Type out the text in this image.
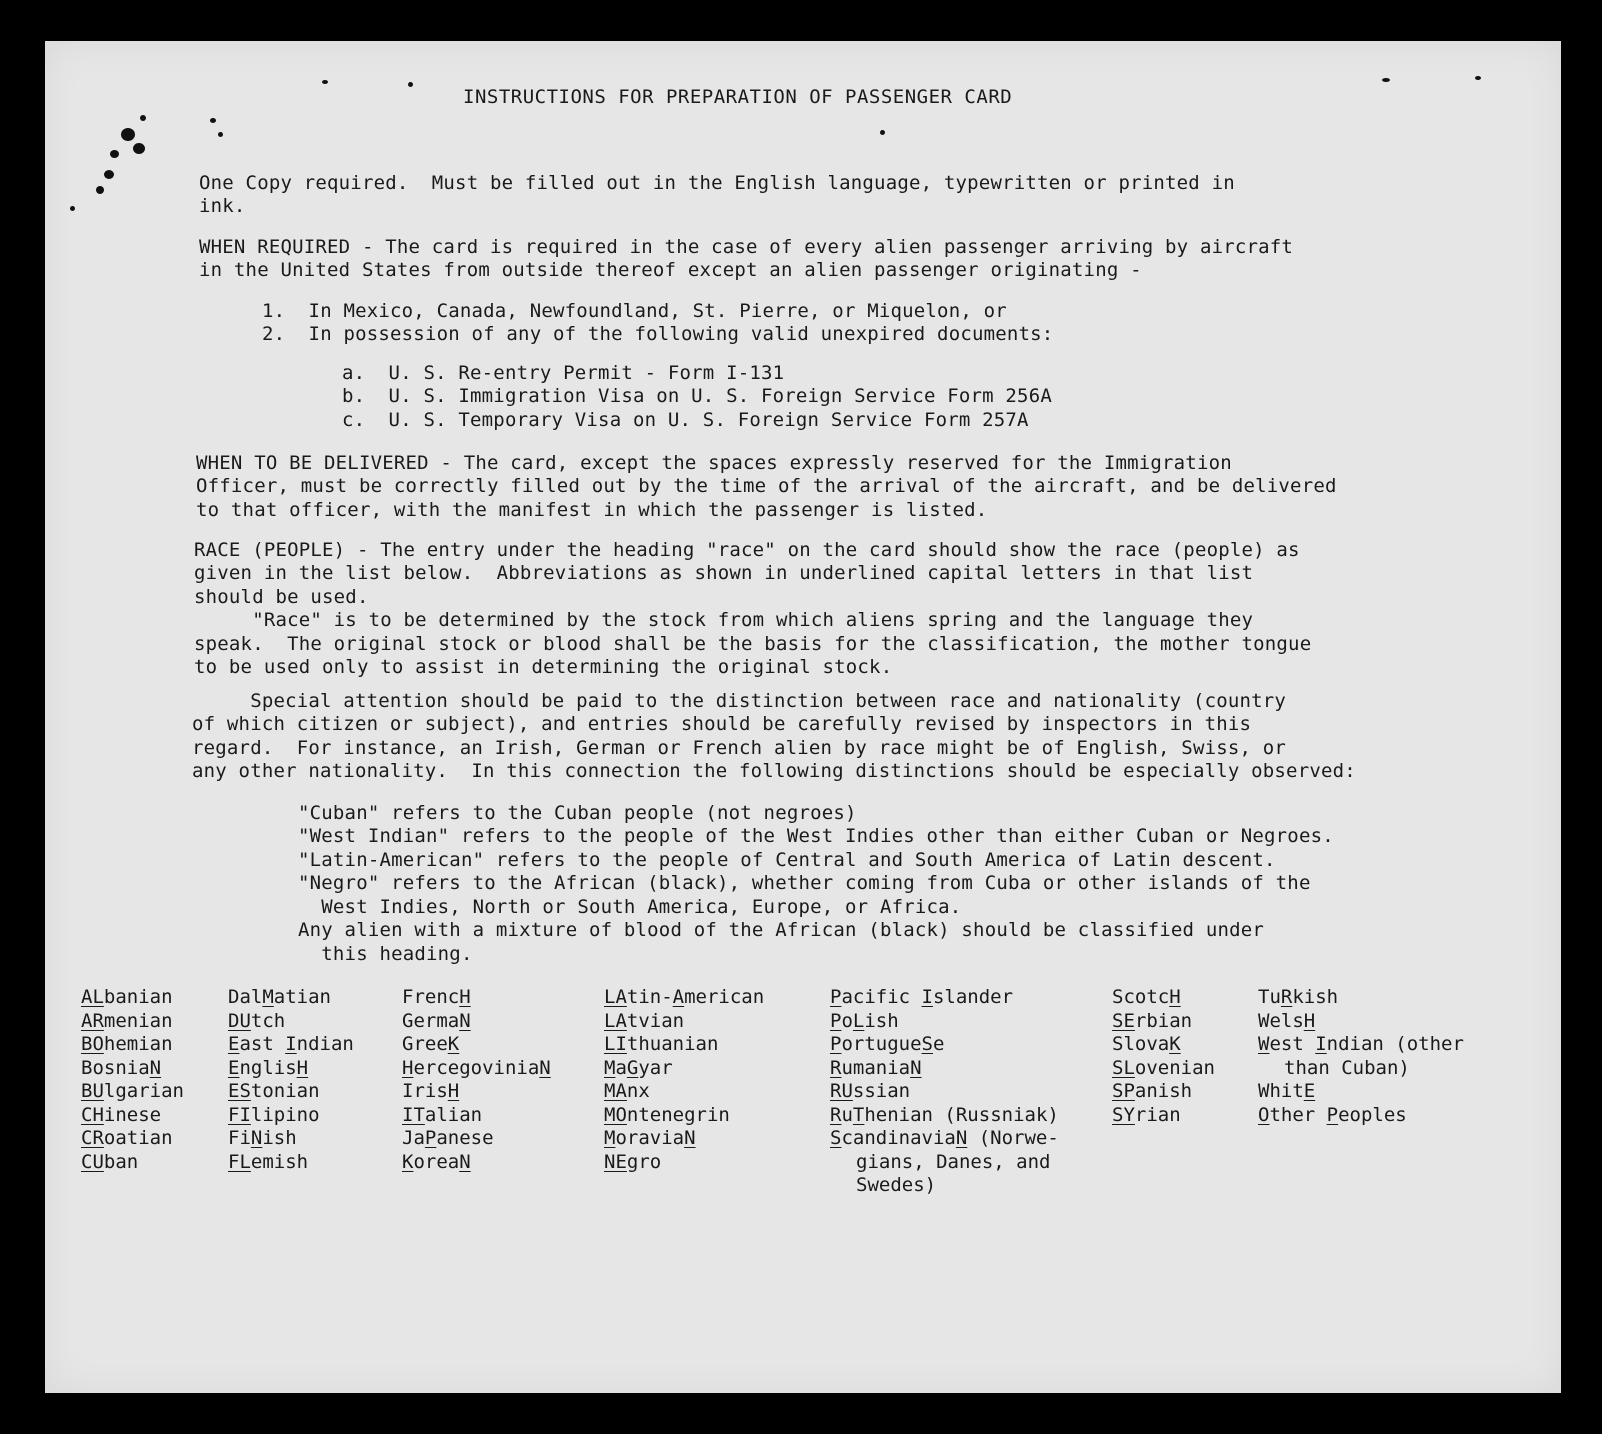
INSTRUCTIONS FOR PREPARATION OF PASSENGER CARD

One Copy required.  Must be filled out in the English language, typewritten or printed in
ink.

WHEN REQUIRED - The card is required in the case of every alien passenger arriving by aircraft
in the United States from outside thereof except an alien passenger originating -

1.  In Mexico, Canada, Newfoundland, St. Pierre, or Miquelon, or
2.  In possession of any of the following valid unexpired documents:

a.  U. S. Re-entry Permit - Form I-131
b.  U. S. Immigration Visa on U. S. Foreign Service Form 256A
c.  U. S. Temporary Visa on U. S. Foreign Service Form 257A

WHEN TO BE DELIVERED - The card, except the spaces expressly reserved for the Immigration
Officer, must be correctly filled out by the time of the arrival of the aircraft, and be delivered
to that officer, with the manifest in which the passenger is listed.

RACE (PEOPLE) - The entry under the heading "race" on the card should show the race (people) as
given in the list below.  Abbreviations as shown in underlined capital letters in that list
should be used.
"Race" is to be determined by the stock from which aliens spring and the language they
speak.  The original stock or blood shall be the basis for the classification, the mother tongue
to be used only to assist in determining the original stock.

Special attention should be paid to the distinction between race and nationality (country
of which citizen or subject), and entries should be carefully revised by inspectors in this
regard.  For instance, an Irish, German or French alien by race might be of English, Swiss, or
any other nationality.  In this connection the following distinctions should be especially observed:

"Cuban" refers to the Cuban people (not negroes)
"West Indian" refers to the people of the West Indies other than either Cuban or Negroes.
"Latin-American" refers to the people of Central and South America of Latin descent.
"Negro" refers to the African (black), whether coming from Cuba or other islands of the
West Indies, North or South America, Europe, or Africa.
Any alien with a mixture of blood of the African (black) should be classified under
this heading.
ALbanian
ARmenian
BOhemian
BosniaN
BUlgarian
CHinese
CRoatian
CUban
DalMatian
DUtch
East Indian
EnglisH
EStonian
FIlipino
FiNish
FLemish
FrencH
GermaN
GreeK
HercegoviniaN
IrisH
ITalian
JaPanese
KoreaN
LAtin-American
LAtvian
LIthuanian
MaGyar
MAnx
MOntenegrin
MoraviaN
NEgro
Pacific Islander
PoLish
PortugueSe
RumaniaN
RUssian
RuThenian (Russniak)
ScandinaviaN (Norwe-
gians, Danes, and
Swedes)
ScotcH
SErbian
SlovaK
SLovenian
SPanish
SYrian
TuRkish
WelsH
West Indian (other
than Cuban)
WhitE
Other Peoples
